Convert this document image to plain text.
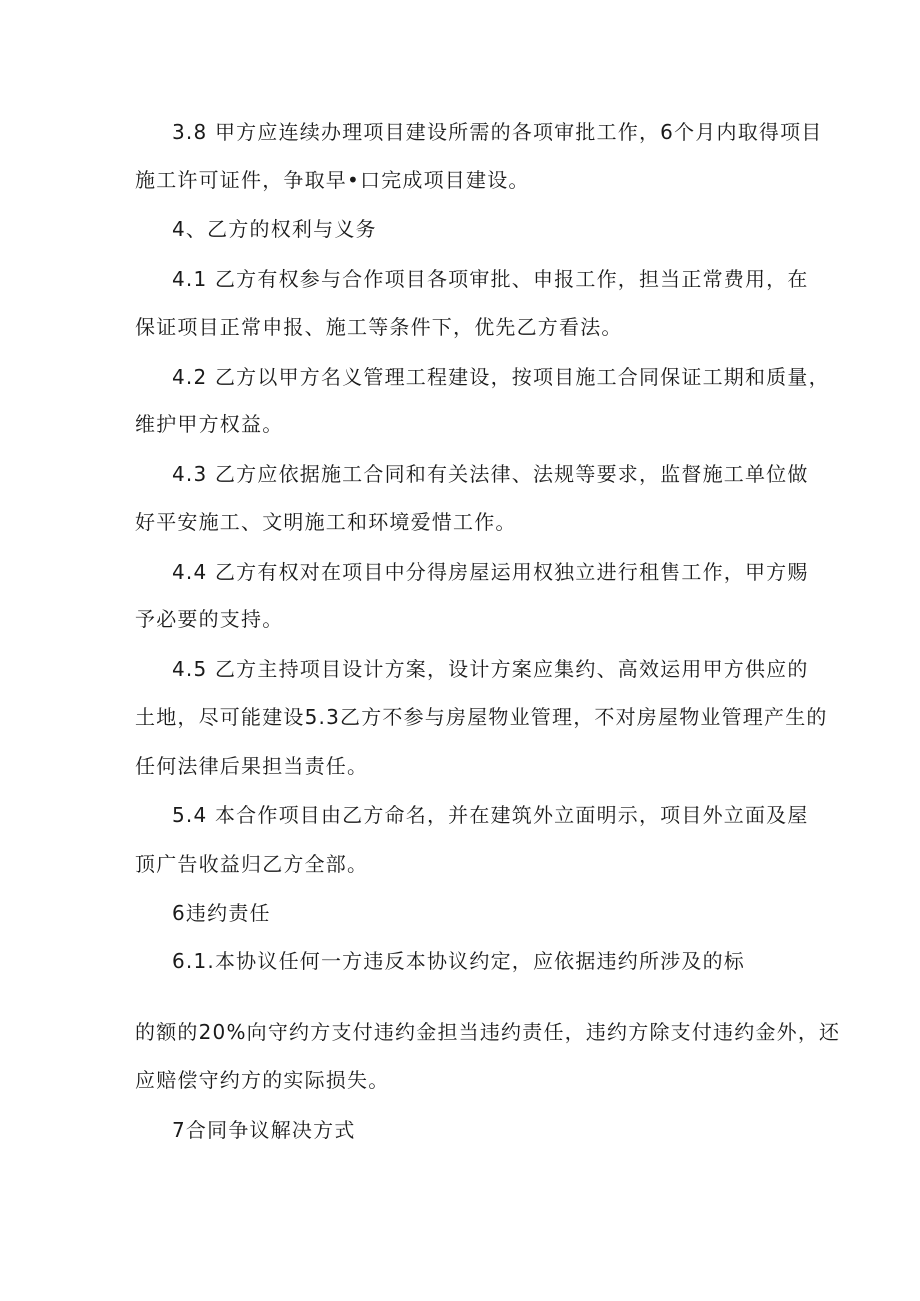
3.8 甲方应连续办理项目建设所需的各项审批工作，6个月内取得项目
施工许可证件，争取早•口完成项目建设。
4、乙方的权利与义务
4.1 乙方有权参与合作项目各项审批、申报工作，担当正常费用，在
保证项目正常申报、施工等条件下，优先乙方看法。
4.2 乙方以甲方名义管理工程建设，按项目施工合同保证工期和质量，
维护甲方权益。
4.3 乙方应依据施工合同和有关法律、法规等要求，监督施工单位做
好平安施工、文明施工和环境爱惜工作。
4.4 乙方有权对在项目中分得房屋运用权独立进行租售工作，甲方赐
予必要的支持。
4.5 乙方主持项目设计方案，设计方案应集约、高效运用甲方供应的
土地，尽可能建设5.3乙方不参与房屋物业管理，不对房屋物业管理产生的
任何法律后果担当责任。
5.4 本合作项目由乙方命名，并在建筑外立面明示，项目外立面及屋
顶广告收益归乙方全部。
6违约责任
6.1.本协议任何一方违反本协议约定，应依据违约所涉及的标
的额的20%向守约方支付违约金担当违约责任，违约方除支付违约金外，还
应赔偿守约方的实际损失。
7合同争议解决方式
